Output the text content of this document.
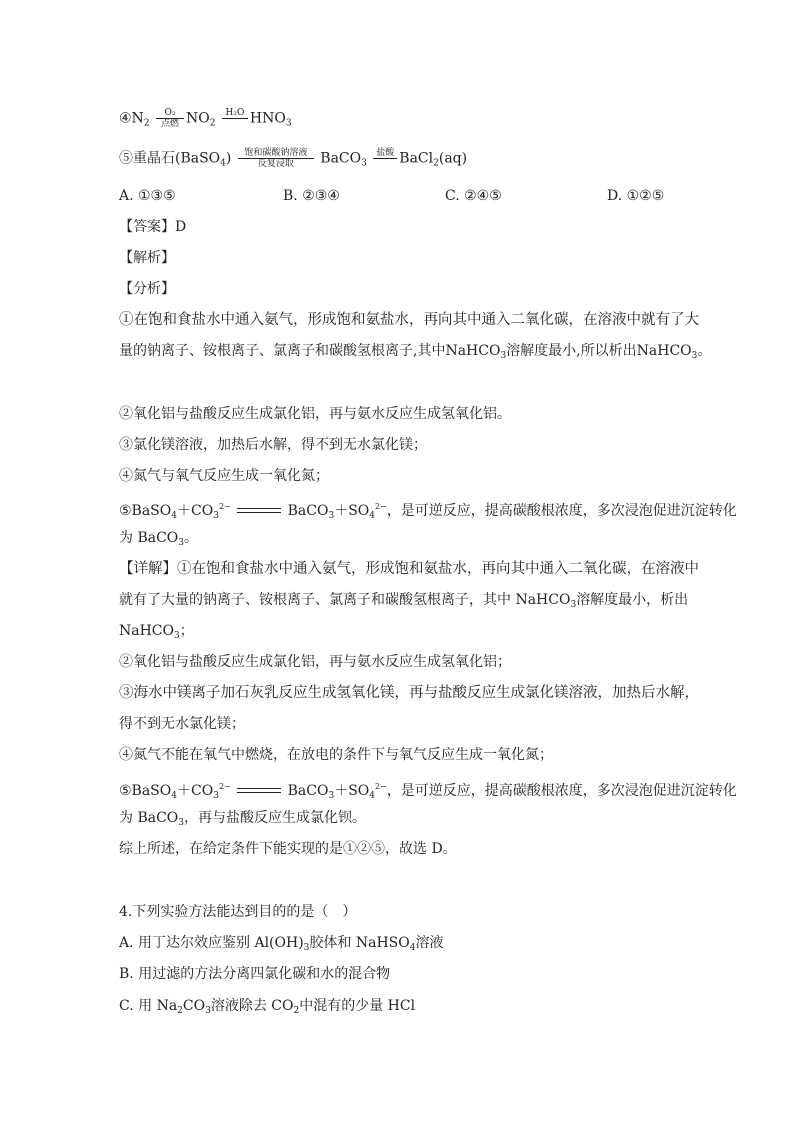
$④N_2$
O₂
点燃 $NO_2$
H₂O
$HNO_3$
⑤重晶石(BaSO$_4$)	饱和碳酸钠溶液
反复浸取	BaCO$_3$
盐酸
BaCl$_2$(aq)
A. ①③⑤	B. ②③④	C. ②④⑤	D. ①②⑤
【答案】D
【解析】
【分析】
①在饱和食盐水中通入氨气，形成饱和氨盐水，再向其中通入二氧化碳，在溶液中就有了大
量的钠离子、铵根离子、氯离子和碳酸氢根离子,其中NaHCO$_3$溶解度最小,所以析出NaHCO$_3$。
②氧化铝与盐酸反应生成氯化铝，再与氨水反应生成氢氧化铝。
③氯化镁溶液，加热后水解，得不到无水氯化镁；
④氮气与氧气反应生成一氧化氮；
$⑤BaSO_4+CO_3^{2-}$	$BaCO_3+SO_4^{2-}$，是可逆反应，提高碳酸根浓度，多次浸泡促进沉淀转化
为 BaCO$_3$。
【详解】①在饱和食盐水中通入氨气，形成饱和氨盐水，再向其中通入二氧化碳，在溶液中
就有了大量的钠离子、铵根离子、氯离子和碳酸氢根离子，其中 NaHCO$_3$溶解度最小，析出
NaHCO$_3$；
②氧化铝与盐酸反应生成氯化铝，再与氨水反应生成氢氧化铝；
③海水中镁离子加石灰乳反应生成氢氧化镁，再与盐酸反应生成氯化镁溶液，加热后水解，
得不到无水氯化镁；
④氮气不能在氧气中燃烧，在放电的条件下与氧气反应生成一氧化氮；
$⑤BaSO_4+CO_3^{2-}$	$BaCO_3+SO_4^{2-}$，是可逆反应，提高碳酸根浓度，多次浸泡促进沉淀转化
为 BaCO$_3$，再与盐酸反应生成氯化钡。
综上所述，在给定条件下能实现的是①②⑤，故选 D。
4.下列实验方法能达到目的的是（　）
A. 用丁达尔效应鉴别 $Al(OH)_3$胶体和 NaHSO$_4$溶液
B. 用过滤的方法分离四氯化碳和水的混合物
C. 用 $Na_2CO_3$溶液除去 $CO_2$中混有的少量 HCl
